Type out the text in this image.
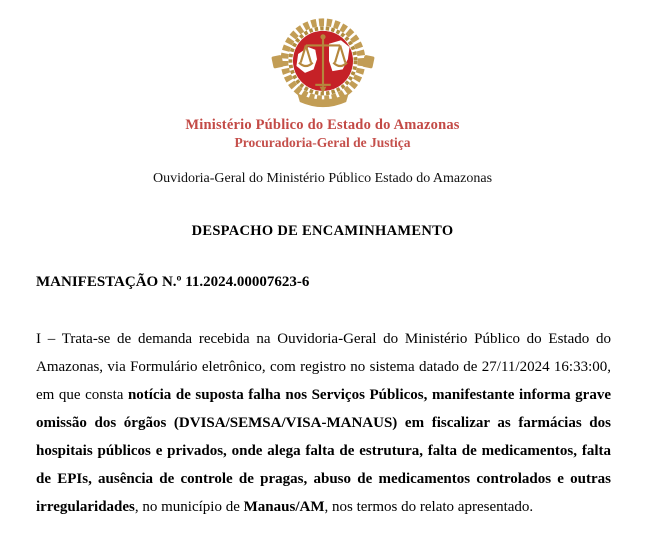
Ministério Público do Estado do Amazonas
Procuradoria-Geral de Justiça
Ouvidoria-Geral do Ministério Público Estado do Amazonas
DESPACHO DE ENCAMINHAMENTO
MANIFESTAÇÃO N.º 11.2024.00007623-6

I – Trata-se de demanda recebida na Ouvidoria-Geral do Ministério Público do Estado do Amazonas, via Formulário eletrônico, com registro no sistema datado de 27/11/2024 16:33:00, em que consta notícia de suposta falha nos Serviços Públicos, manifestante informa grave omissão dos órgãos (DVISA/SEMSA/VISA-MANAUS) em fiscalizar as farmácias dos hospitais públicos e privados, onde alega falta de estrutura, falta de medicamentos, falta de EPIs, ausência de controle de pragas, abuso de medicamentos controlados e outras irregularidades, no município de Manaus/AM, nos termos do relato apresentado.
